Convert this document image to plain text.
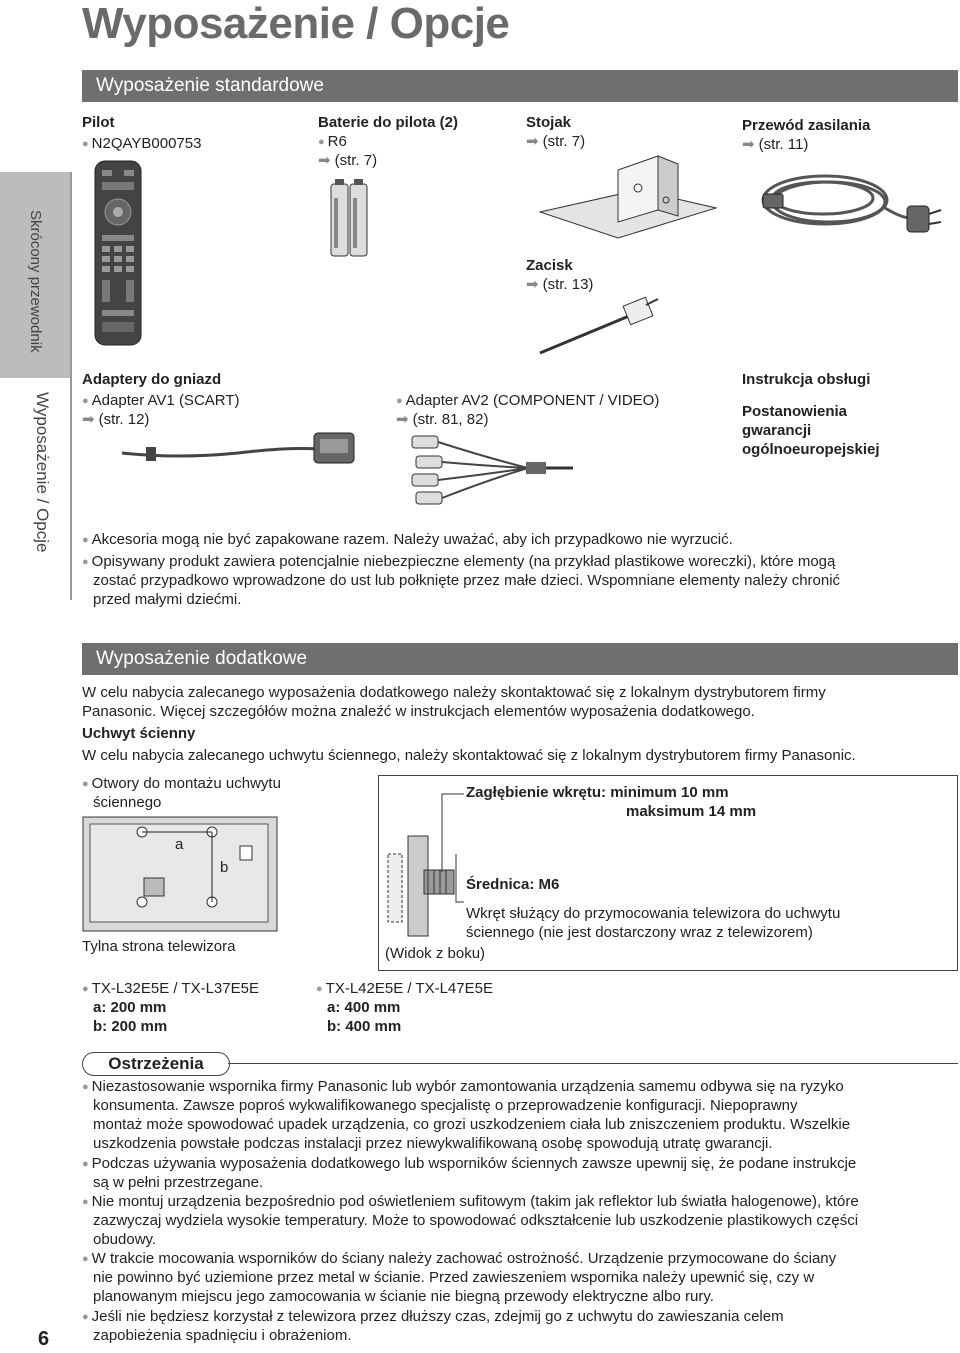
Wyposażenie / Opcje
Skrócony przewodnik
Wyposażenie / Opcje
Wyposażenie standardowe
Pilot
● N2QAYB000753
Baterie do pilota (2)
● R6
➡ (str. 7)
Stojak
➡ (str. 7)
Przewód zasilania
➡ (str. 11)
Zacisk
➡ (str. 13)
Adaptery do gniazd
● Adapter AV1 (SCART)
➡ (str. 12)
● Adapter AV2 (COMPONENT / VIDEO)
➡ (str. 81, 82)
Instrukcja obsługi
Postanowienia
gwarancji
ogólnoeuropejskiej
● Akcesoria mogą nie być zapakowane razem. Należy uważać, aby ich przypadkowo nie wyrzucić.
● Opisywany produkt zawiera potencjalnie niebezpieczne elementy (na przykład plastikowe woreczki), które mogą
zostać przypadkowo wprowadzone do ust lub połknięte przez małe dzieci. Wspomniane elementy należy chronić
przed małymi dziećmi.
Wyposażenie dodatkowe
W celu nabycia zalecanego wyposażenia dodatkowego należy skontaktować się z lokalnym dystrybutorem firmy
Panasonic. Więcej szczegółów można znaleźć w instrukcjach elementów wyposażenia dodatkowego.
Uchwyt ścienny
W celu nabycia zalecanego uchwytu ściennego, należy skontaktować się z lokalnym dystrybutorem firmy Panasonic.
● Otwory do montażu uchwytu
ściennego
a
b
Tylna strona telewizora
Zagłębienie wkrętu: minimum 10 mm
maksimum 14 mm
Średnica: M6
Wkręt służący do przymocowania telewizora do uchwytu
ściennego (nie jest dostarczony wraz z telewizorem)
(Widok z boku)
● TX-L32E5E / TX-L37E5E
a: 200 mm
b: 200 mm
● TX-L42E5E / TX-L47E5E
a: 400 mm
b: 400 mm
Ostrzeżenia
● Niezastosowanie wspornika firmy Panasonic lub wybór zamontowania urządzenia samemu odbywa się na ryzyko
konsumenta. Zawsze poproś wykwalifikowanego specjalistę o przeprowadzenie konfiguracji. Niepoprawny
montaż może spowodować upadek urządzenia, co grozi uszkodzeniem ciała lub zniszczeniem produktu. Wszelkie
uszkodzenia powstałe podczas instalacji przez niewykwalifikowaną osobę spowodują utratę gwarancji.
● Podczas używania wyposażenia dodatkowego lub wsporników ściennych zawsze upewnij się, że podane instrukcje
są w pełni przestrzegane.
● Nie montuj urządzenia bezpośrednio pod oświetleniem sufitowym (takim jak reflektor lub światła halogenowe), które
zazwyczaj wydziela wysokie temperatury. Może to spowodować odkształcenie lub uszkodzenie plastikowych części
obudowy.
● W trakcie mocowania wsporników do ściany należy zachować ostrożność. Urządzenie przymocowane do ściany
nie powinno być uziemione przez metal w ścianie. Przed zawieszeniem wspornika należy upewnić się, czy w
planowanym miejscu jego zamocowania w ścianie nie biegną przewody elektryczne albo rury.
● Jeśli nie będziesz korzystał z telewizora przez dłuższy czas, zdejmij go z uchwytu do zawieszania celem
zapobieżenia spadnięciu i obrażeniom.
6
